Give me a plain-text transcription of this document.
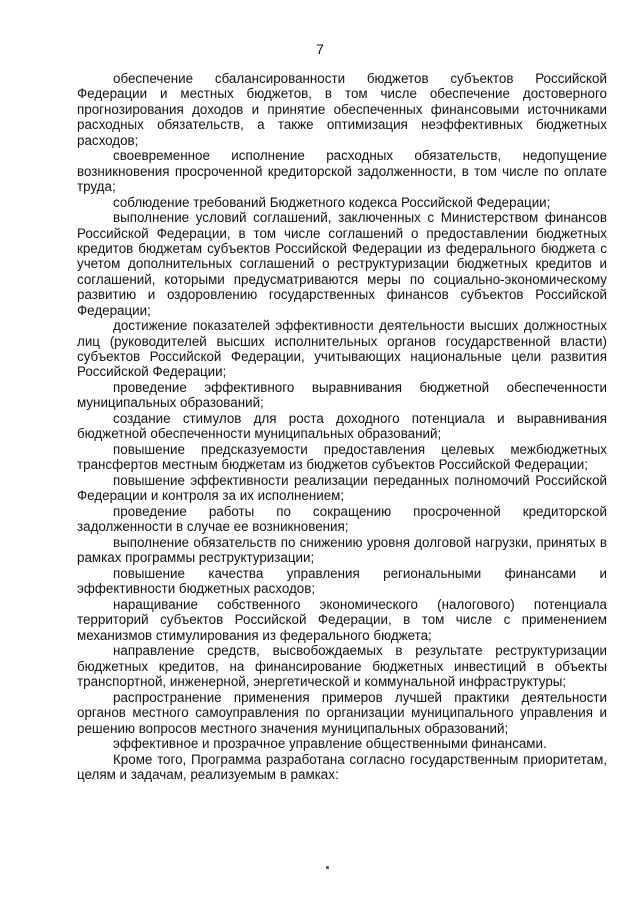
7

обеспечение сбалансированности бюджетов субъектов Российской Федерации и местных бюджетов, в том числе обеспечение достоверного прогнозирования доходов и принятие обеспеченных финансовыми источниками расходных обязательств, а также оптимизация неэффективных бюджетных расходов;

своевременное исполнение расходных обязательств, недопущение возникновения просроченной кредиторской задолженности, в том числе по оплате труда;

соблюдение требований Бюджетного кодекса Российской Федерации;

выполнение условий соглашений, заключенных с Министерством финансов Российской Федерации, в том числе соглашений о предоставлении бюджетных кредитов бюджетам субъектов Российской Федерации из федерального бюджета с учетом дополнительных соглашений о реструктуризации бюджетных кредитов и соглашений, которыми предусматриваются меры по социально-экономическому развитию и оздоровлению государственных финансов субъектов Российской Федерации;

достижение показателей эффективности деятельности высших должностных лиц (руководителей высших исполнительных органов государственной власти) субъектов Российской Федерации, учитывающих национальные цели развития Российской Федерации;

проведение эффективного выравнивания бюджетной обеспеченности муниципальных образований;

создание стимулов для роста доходного потенциала и выравнивания бюджетной обеспеченности муниципальных образований;

повышение предсказуемости предоставления целевых межбюджетных трансфертов местным бюджетам из бюджетов субъектов Российской Федерации;

повышение эффективности реализации переданных полномочий Российской Федерации и контроля за их исполнением;

проведение работы по сокращению просроченной кредиторской задолженности в случае ее возникновения;

выполнение обязательств по снижению уровня долговой нагрузки, принятых в рамках программы реструктуризации;

повышение качества управления региональными финансами и эффективности бюджетных расходов;

наращивание собственного экономического (налогового) потенциала территорий субъектов Российской Федерации, в том числе с применением механизмов стимулирования из федерального бюджета;

направление средств, высвобождаемых в результате реструктуризации бюджетных кредитов, на финансирование бюджетных инвестиций в объекты транспортной, инженерной, энергетической и коммунальной инфраструктуры;

распространение применения примеров лучшей практики деятельности органов местного самоуправления по организации муниципального управления и решению вопросов местного значения муниципальных образований;

эффективное и прозрачное управление общественными финансами.

Кроме того, Программа разработана согласно государственным приоритетам, целям и задачам, реализуемым в рамках:
